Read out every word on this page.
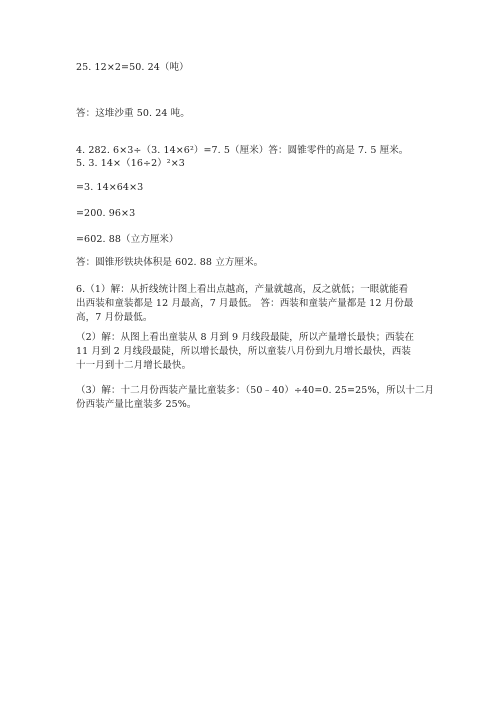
25. 12×2=50. 24（吨）
答：这堆沙重 50. 24 吨。
4. 282. 6×3÷（3. 14×6²）=7. 5（厘米）答：圆锥零件的高是 7. 5 厘米。
5. 3. 14×（16÷2）²×3
=3. 14×64×3
=200. 96×3
=602. 88（立方厘米）
答：圆锥形铁块体积是 602. 88 立方厘米。
6.（1）解：从折线统计图上看出点越高，产量就越高，反之就低；一眼就能看
出西装和童装都是 12 月最高，7 月最低。 答：西装和童装产量都是 12 月份最
高，7 月份最低。
（2）解：从图上看出童装从 8 月到 9 月线段最陡，所以产量增长最快；西装在
11 月到 2 月线段最陡，所以增长最快，所以童装八月份到九月增长最快，西装
十一月到十二月增长最快。
（3）解：十二月份西装产量比童装多：（50﹣40）÷40=0. 25=25%，所以十二月
份西装产量比童装多 25%。
